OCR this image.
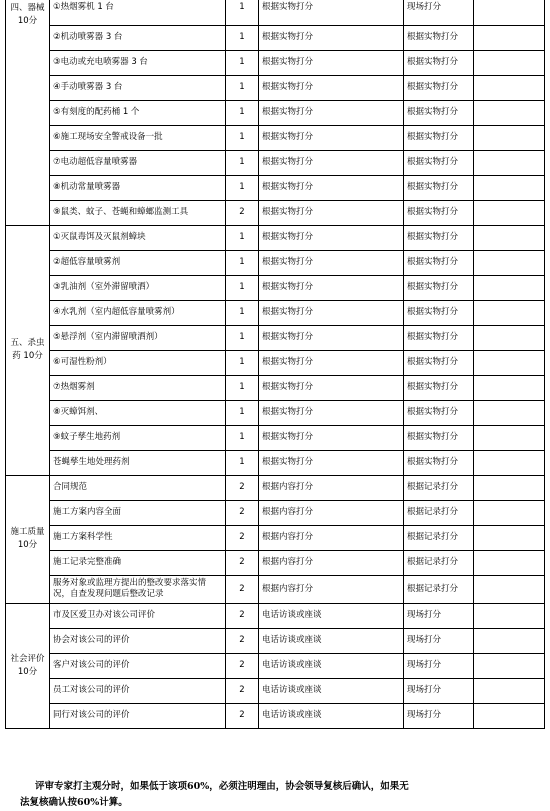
四、器械 10分	①热烟雾机 1 台	1	根据实物打分	现场打分	
	②机动喷雾器 3 台	1	根据实物打分	根据实物打分	
	③电动或充电喷雾器 3 台	1	根据实物打分	根据实物打分	
	④手动喷雾器 3 台	1	根据实物打分	根据实物打分	
	⑤有刻度的配药桶 1 个	1	根据实物打分	根据实物打分	
	⑥施工现场安全警戒设备一批	1	根据实物打分	根据实物打分	
	⑦电动超低容量喷雾器	1	根据实物打分	根据实物打分	
	⑧机动常量喷雾器	1	根据实物打分	根据实物打分	
	⑨鼠类、蚊子、苍蝇和蟑螂监测工具	2	根据实物打分	根据实物打分	
五、杀虫药 10分	①灭鼠毒饵及灭鼠剂蟑块	1	根据实物打分	根据实物打分	
	②超低容量喷雾剂	1	根据实物打分	根据实物打分	
	③乳油剂（室外滞留喷洒）	1	根据实物打分	根据实物打分	
	④水乳剂（室内超低容量喷雾剂）	1	根据实物打分	根据实物打分	
	⑤悬浮剂（室内滞留喷洒剂）	1	根据实物打分	根据实物打分	
	⑥可湿性粉剂）	1	根据实物打分	根据实物打分	
	⑦热烟雾剂	1	根据实物打分	根据实物打分	
	⑧灭蟑饵剂、	1	根据实物打分	根据实物打分	
	⑨蚊子孳生地药剂	1	根据实物打分	根据实物打分	
	苍蝇孳生地处理药剂	1	根据实物打分	根据实物打分	
施工质量 10分	合同规范	2	根据内容打分	根据记录打分	
	施工方案内容全面	2	根据内容打分	根据记录打分	
	施工方案科学性	2	根据内容打分	根据记录打分	
	施工记录完整准确	2	根据内容打分	根据记录打分	
	服务对象或监理方提出的整改要求落实情况，自查发现问题后整改记录	2	根据内容打分	根据记录打分	
社会评价 10分	市及区爱卫办对该公司评价	2	电话访谈或座谈	现场打分	
	协会对该公司的评价	2	电话访谈或座谈	现场打分	
	客户对该公司的评价	2	电话访谈或座谈	现场打分	
	员工对该公司的评价	2	电话访谈或座谈	现场打分	
	同行对该公司的评价	2	电话访谈或座谈	现场打分	
评审专家打主观分时，如果低于该项60%，必须注明理由，协会领导复核后确认，如果无
法复核确认按60%计算。
